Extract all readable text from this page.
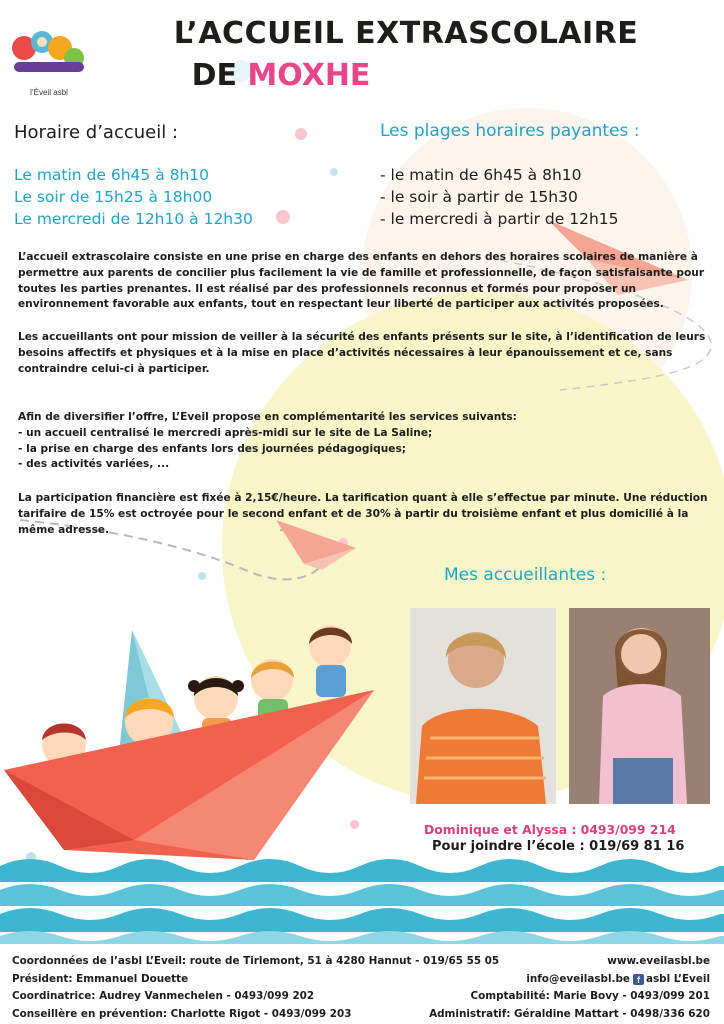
l’Éveil asbl
L’ACCUEIL EXTRASCOLAIRE
DE MOXHE
Horaire d’accueil :	Les plages horaires payantes :
Le matin de 6h45 à 8h10
Le soir de 15h25 à 18h00
Le mercredi de 12h10 à 12h30
- le matin de 6h45 à 8h10
- le soir à partir de 15h30
- le mercredi à partir de 12h15
L’accueil extrascolaire consiste en une prise en charge des enfants en dehors des horaires scolaires de manière à permettre aux parents de concilier plus facilement la vie de famille et professionnelle, de façon satisfaisante pour toutes les parties prenantes. Il est réalisé par des professionnels reconnus et formés pour proposer un environnement favorable aux enfants, tout en respectant leur liberté de participer aux activités proposées.
Les accueillants ont pour mission de veiller à la sécurité des enfants présents sur le site, à l’identification de leurs besoins affectifs et physiques et à la mise en place d’activités nécessaires à leur épanouissement et ce, sans contraindre celui-ci à participer.
Afin de diversifier l’offre, L’Eveil propose en complémentarité les services suivants:
- un accueil centralisé le mercredi après-midi sur le site de La Saline;
- la prise en charge des enfants lors des journées pédagogiques;
- des activités variées, ...
La participation financière est fixée à 2,15€/heure. La tarification quant à elle s’effectue par minute. Une réduction tarifaire de 15% est octroyée pour le second enfant et de 30% à partir du troisième enfant et plus domicilié à la même adresse.
Mes accueillantes :
Dominique et Alyssa : 0493/099 214
Pour joindre l’école : 019/69 81 16
Coordonnées de l’asbl L’Eveil: route de Tirlemont, 51 à 4280 Hannut - 019/65 55 05
Président: Emmanuel Douette
Coordinatrice: Audrey Vanmechelen - 0493/099 202
Conseillère en prévention: Charlotte Rigot - 0493/099 203
www.eveilasbl.be
info@eveilasbl.be f asbl L’Eveil
Comptabilité: Marie Bovy - 0493/099 201
Administratif: Géraldine Mattart - 0498/336 620
